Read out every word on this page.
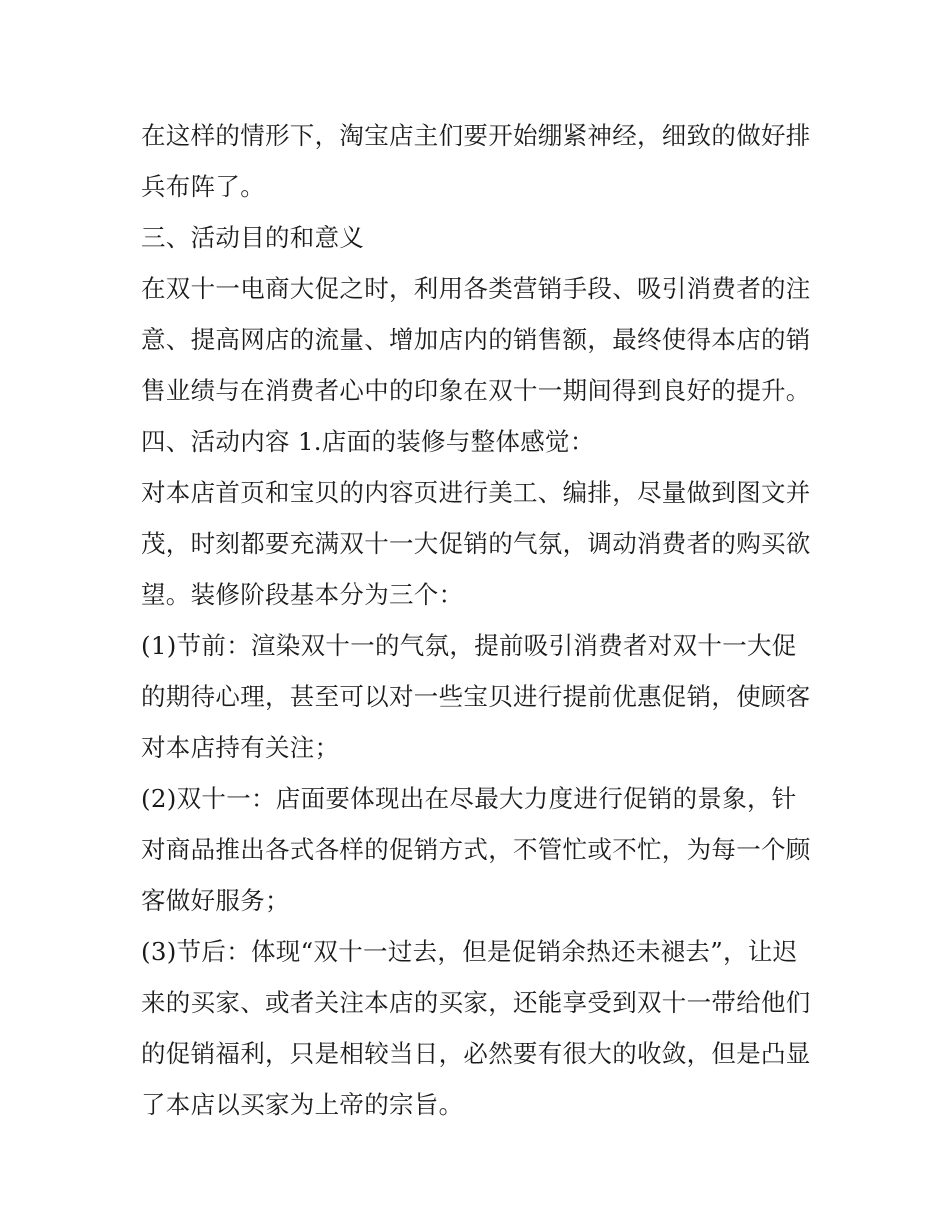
在这样的情形下，淘宝店主们要开始绷紧神经，细致的做好排
兵布阵了。
三、活动目的和意义
在双十一电商大促之时，利用各类营销手段、吸引消费者的注
意、提高网店的流量、增加店内的销售额，最终使得本店的销
售业绩与在消费者心中的印象在双十一期间得到良好的提升。
四、活动内容 1.店面的装修与整体感觉：
对本店首页和宝贝的内容页进行美工、编排，尽量做到图文并
茂，时刻都要充满双十一大促销的气氛，调动消费者的购买欲
望。装修阶段基本分为三个：
(1)节前：渲染双十一的气氛，提前吸引消费者对双十一大促
的期待心理，甚至可以对一些宝贝进行提前优惠促销，使顾客
对本店持有关注；
(2)双十一：店面要体现出在尽最大力度进行促销的景象，针
对商品推出各式各样的促销方式，不管忙或不忙，为每一个顾
客做好服务；
(3)节后：体现“双十一过去，但是促销余热还未褪去”，让迟
来的买家、或者关注本店的买家，还能享受到双十一带给他们
的促销福利，只是相较当日，必然要有很大的收敛，但是凸显
了本店以买家为上帝的宗旨。
